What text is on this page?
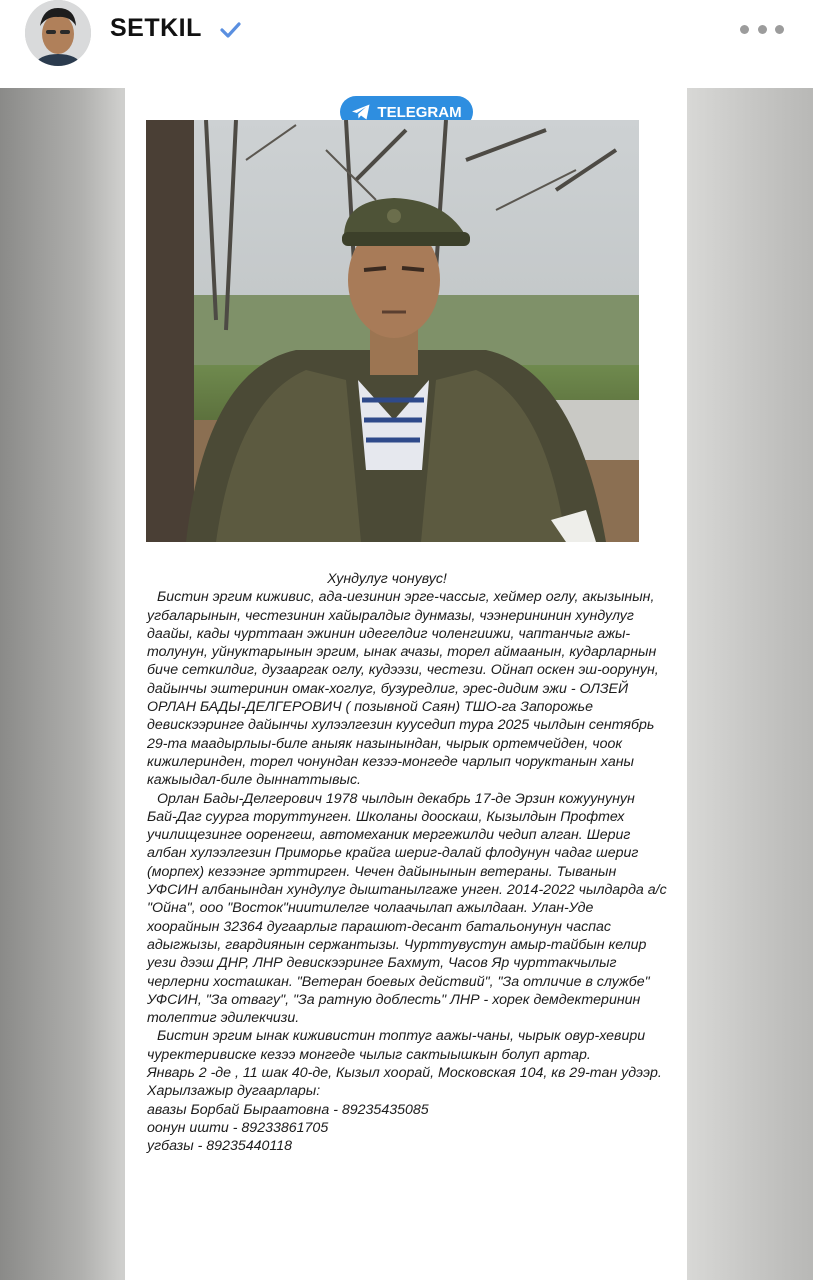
SETKIL
TELEGRAM

Хундулуг чонувус!

Бистин эргим киживис, ада-иезинин эрге-чассыг, хеймер оглу, акызынын, угбаларынын, честезинин хайыралдыг дунмазы, чээнерининин хундулуг даайы, кады чурттаан эжинин идегелдиг чоленгиижи, чаптанчыг ажы-толунун, уйнуктарынын эргим, ынак ачазы, торел аймаанын, кударларнын биче сеткилдиг, дузааргак оглу, кудээзи, честези. Ойнап оскен эш-оорунун, дайынчы эштеринин омак-хоглуг, бузуредлиг, эрес-дидим эжи - ОЛЗЕЙ ОРЛАН БАДЫ-ДЕЛГЕРОВИЧ ( позывной Саян) ТШО-га Запорожье девискээринге дайынчы хулээлгезин кууседип тура 2025 чылдын сентябрь 29-та маадырлыы-биле аныяк назынындан, чырык ортемчейден, чоок кижилеринден, торел чонундан кезээ-монгеде чарлып чоруктанын ханы кажыыдал-биле дыннаттывыс.

Орлан Бады-Делгерович 1978 чылдын декабрь 17-де Эрзин кожуунунун Бай-Даг суурга торуттунген. Школаны дооскаш, Кызылдын Профтех училищезинге ооренгеш, автомеханик мергежилди чедип алган. Шериг албан хулээлгезин Приморье крайга шериг-далай флодунун чадаг шериг (морпех) кезээнге эрттирген. Чечен дайынынын ветераны. Тыванын УФСИН албанындан хундулуг дыштанылгаже унген. 2014-2022 чылдарда а/с "Ойна", ооо "Восток"ниитилелге чолаачылап ажылдаан. Улан-Уде хоорайнын 32364 дугаарлыг парашют-десант батальонунун часпас адыгжызы, гвардиянын сержантызы. Чурттувустун амыр-тайбын келир уези дээш ДНР, ЛНР девискээринге Бахмут, Часов Яр чурттакчылыг черлерни хосташкан. "Ветеран боевых действий", "За отличие в службе" УФСИН, "За отвагу", "За ратную доблесть" ЛНР - хорек демдектеринин толептиг эдилекчизи.

Бистин эргим ынак киживистин топтуг аажы-чаны, чырык овур-хевири чуректеривиске кезээ монгеде чылыг сактыышкын болуп артар.

Январь 2 -де , 11 шак 40-де, Кызыл хоорай, Московская 104, кв 29-тан удээр.

Харылзажыр дугаарлары:

авазы Борбай Быраатовна - 89235435085

оонун ишти - 89233861705

угбазы - 89235440118
